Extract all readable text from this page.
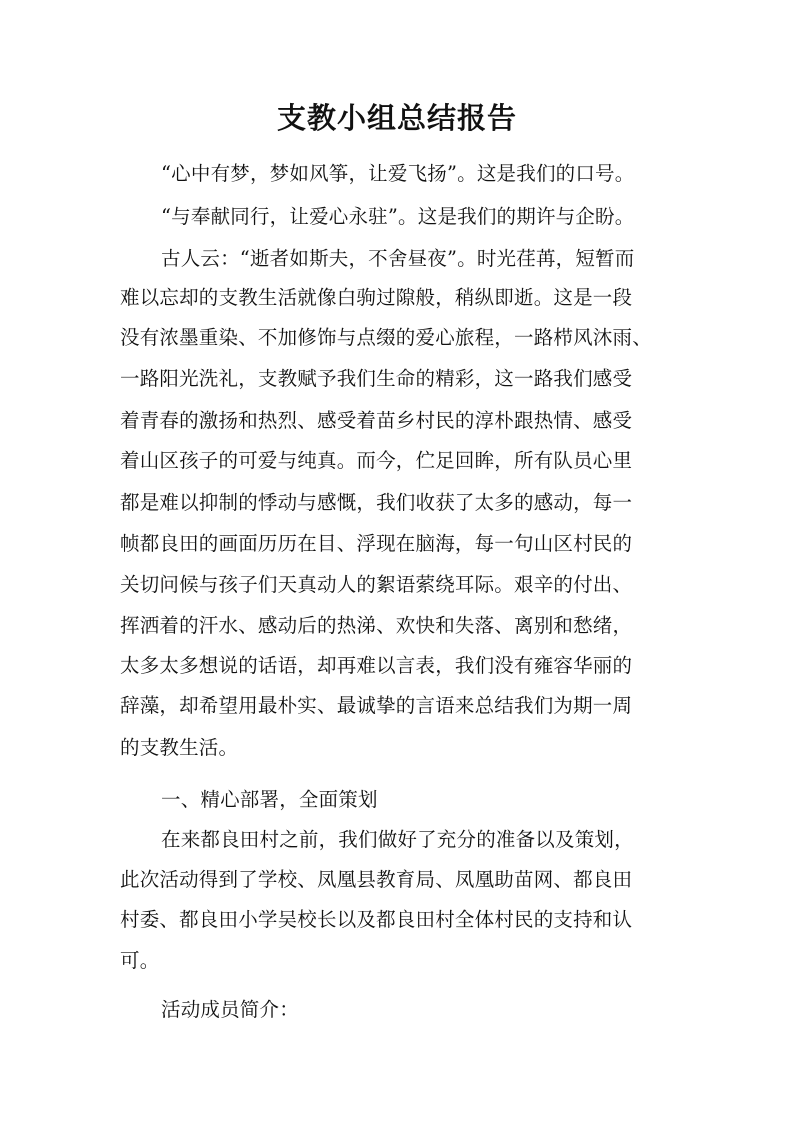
支教小组总结报告
“心中有梦，梦如风筝，让爱飞扬”。这是我们的口号。
“与奉献同行，让爱心永驻”。这是我们的期许与企盼。
古人云：“逝者如斯夫，不舍昼夜”。时光荏苒，短暂而
难以忘却的支教生活就像白驹过隙般，稍纵即逝。这是一段
没有浓墨重染、不加修饰与点缀的爱心旅程，一路栉风沐雨、
一路阳光洗礼，支教赋予我们生命的精彩，这一路我们感受
着青春的激扬和热烈、感受着苗乡村民的淳朴跟热情、感受
着山区孩子的可爱与纯真。而今，伫足回眸，所有队员心里
都是难以抑制的悸动与感慨，我们收获了太多的感动，每一
帧都良田的画面历历在目、浮现在脑海，每一句山区村民的
关切问候与孩子们天真动人的絮语萦绕耳际。艰辛的付出、
挥洒着的汗水、感动后的热涕、欢快和失落、离别和愁绪，
太多太多想说的话语，却再难以言表，我们没有雍容华丽的
辞藻，却希望用最朴实、最诚挚的言语来总结我们为期一周
的支教生活。
一、精心部署，全面策划
在来都良田村之前，我们做好了充分的准备以及策划，
此次活动得到了学校、凤凰县教育局、凤凰助苗网、都良田
村委、都良田小学吴校长以及都良田村全体村民的支持和认
可。
活动成员简介：
